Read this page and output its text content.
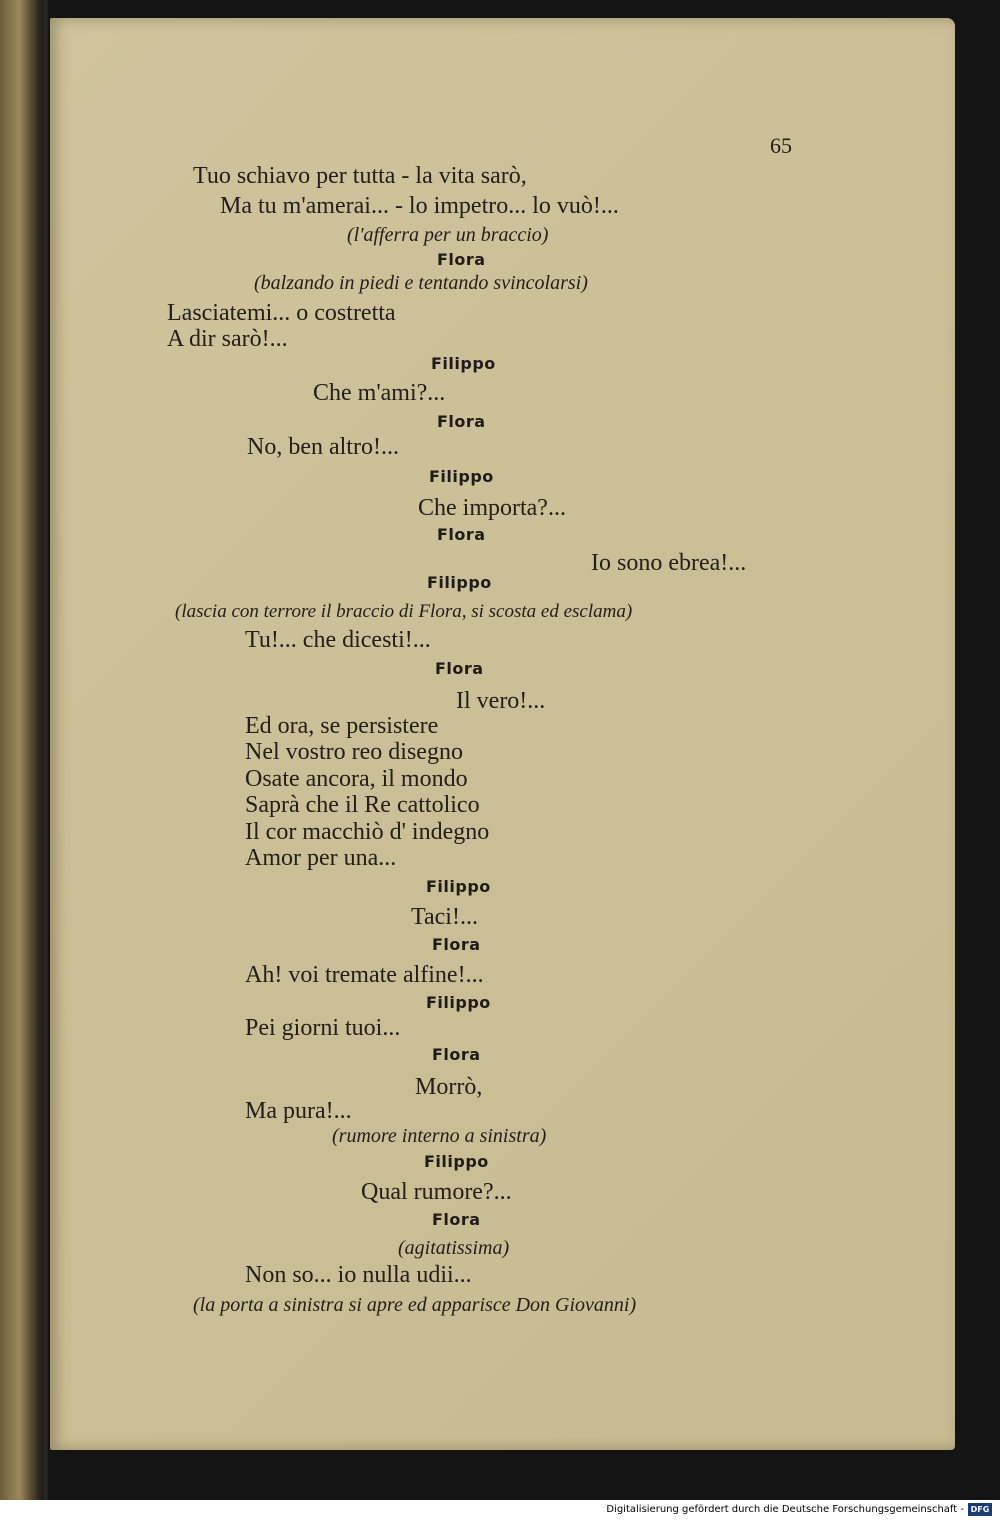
65
Tuo schiavo per tutta - la vita sarò,
Ma tu m'amerai... - lo impetro... lo vuò!...
(l'afferra per un braccio)
Flora
(balzando in piedi e tentando svincolarsi)
Lasciatemi... o costretta
A dir sarò!...
Filippo
Che m'ami?...
Flora
No, ben altro!...
Filippo
Che importa?...
Flora
Io sono ebrea!...
Filippo
(lascia con terrore il braccio di Flora, si scosta ed esclama)
Tu!... che dicesti!...
Flora
Il vero!...
Ed ora, se persistere
Nel vostro reo disegno
Osate ancora, il mondo
Saprà che il Re cattolico
Il cor macchiò d' indegno
Amor per una...
Filippo
Taci!...
Flora
Ah! voi tremate alfine!...
Filippo
Pei giorni tuoi...
Flora
Morrò,
Ma pura!...
(rumore interno a sinistra)
Filippo
Qual rumore?...
Flora
(agitatissima)
Non so... io nulla udii...
(la porta a sinistra si apre ed apparisce Don Giovanni)
Digitalisierung gefördert durch die Deutsche Forschungsgemeinschaft - DFG
